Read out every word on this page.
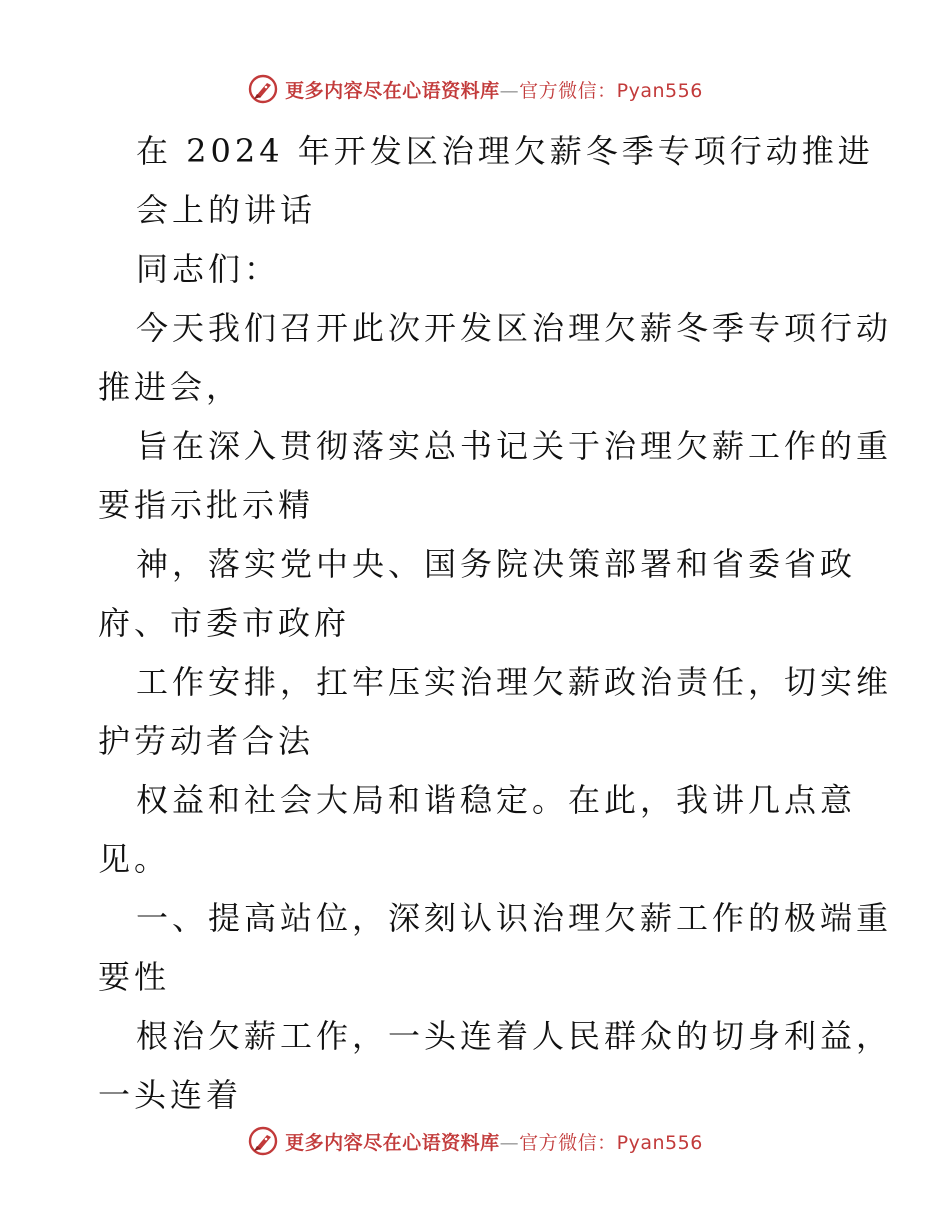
更多内容尽在心语资料库—官方微信：Pyan556

在 2024 年开发区治理欠薪冬季专项行动推进

会上的讲话

同志们：

今天我们召开此次开发区治理欠薪冬季专项行动

推进会，

旨在深入贯彻落实总书记关于治理欠薪工作的重

要指示批示精

神，落实党中央、国务院决策部署和省委省政

府、市委市政府

工作安排，扛牢压实治理欠薪政治责任，切实维

护劳动者合法

权益和社会大局和谐稳定。在此，我讲几点意

见。

一、提高站位，深刻认识治理欠薪工作的极端重

要性

根治欠薪工作，一头连着人民群众的切身利益，

一头连着

更多内容尽在心语资料库—官方微信：Pyan556
